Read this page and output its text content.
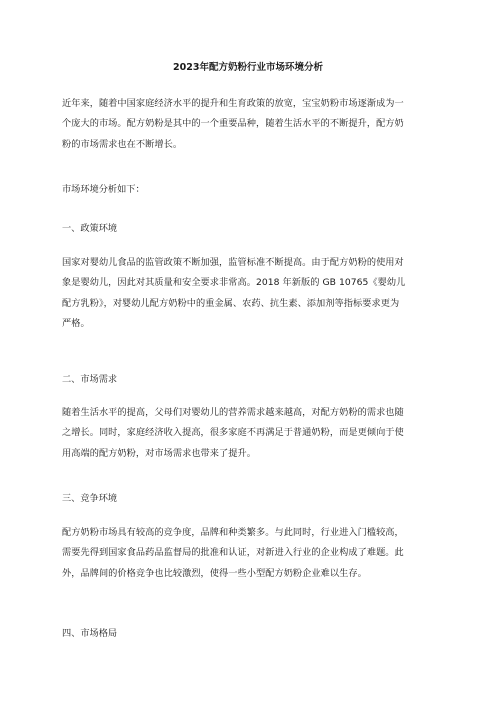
2023年配方奶粉行业市场环境分析
近年来，随着中国家庭经济水平的提升和生育政策的放宽，宝宝奶粉市场逐渐成为一
个庞大的市场。配方奶粉是其中的一个重要品种，随着生活水平的不断提升，配方奶
粉的市场需求也在不断增长。
市场环境分析如下：
一、政策环境
国家对婴幼儿食品的监管政策不断加强，监管标准不断提高。由于配方奶粉的使用对
象是婴幼儿，因此对其质量和安全要求非常高。2018 年新版的 GB 10765《婴幼儿
配方乳粉》，对婴幼儿配方奶粉中的重金属、农药、抗生素、添加剂等指标要求更为
严格。
二、市场需求
随着生活水平的提高，父母们对婴幼儿的营养需求越来越高，对配方奶粉的需求也随
之增长。同时，家庭经济收入提高，很多家庭不再满足于普通奶粉，而是更倾向于使
用高端的配方奶粉，对市场需求也带来了提升。
三、竞争环境
配方奶粉市场具有较高的竞争度，品牌和种类繁多。与此同时，行业进入门槛较高，
需要先得到国家食品药品监督局的批准和认证，对新进入行业的企业构成了难题。此
外，品牌间的价格竞争也比较激烈，使得一些小型配方奶粉企业难以生存。
四、市场格局
